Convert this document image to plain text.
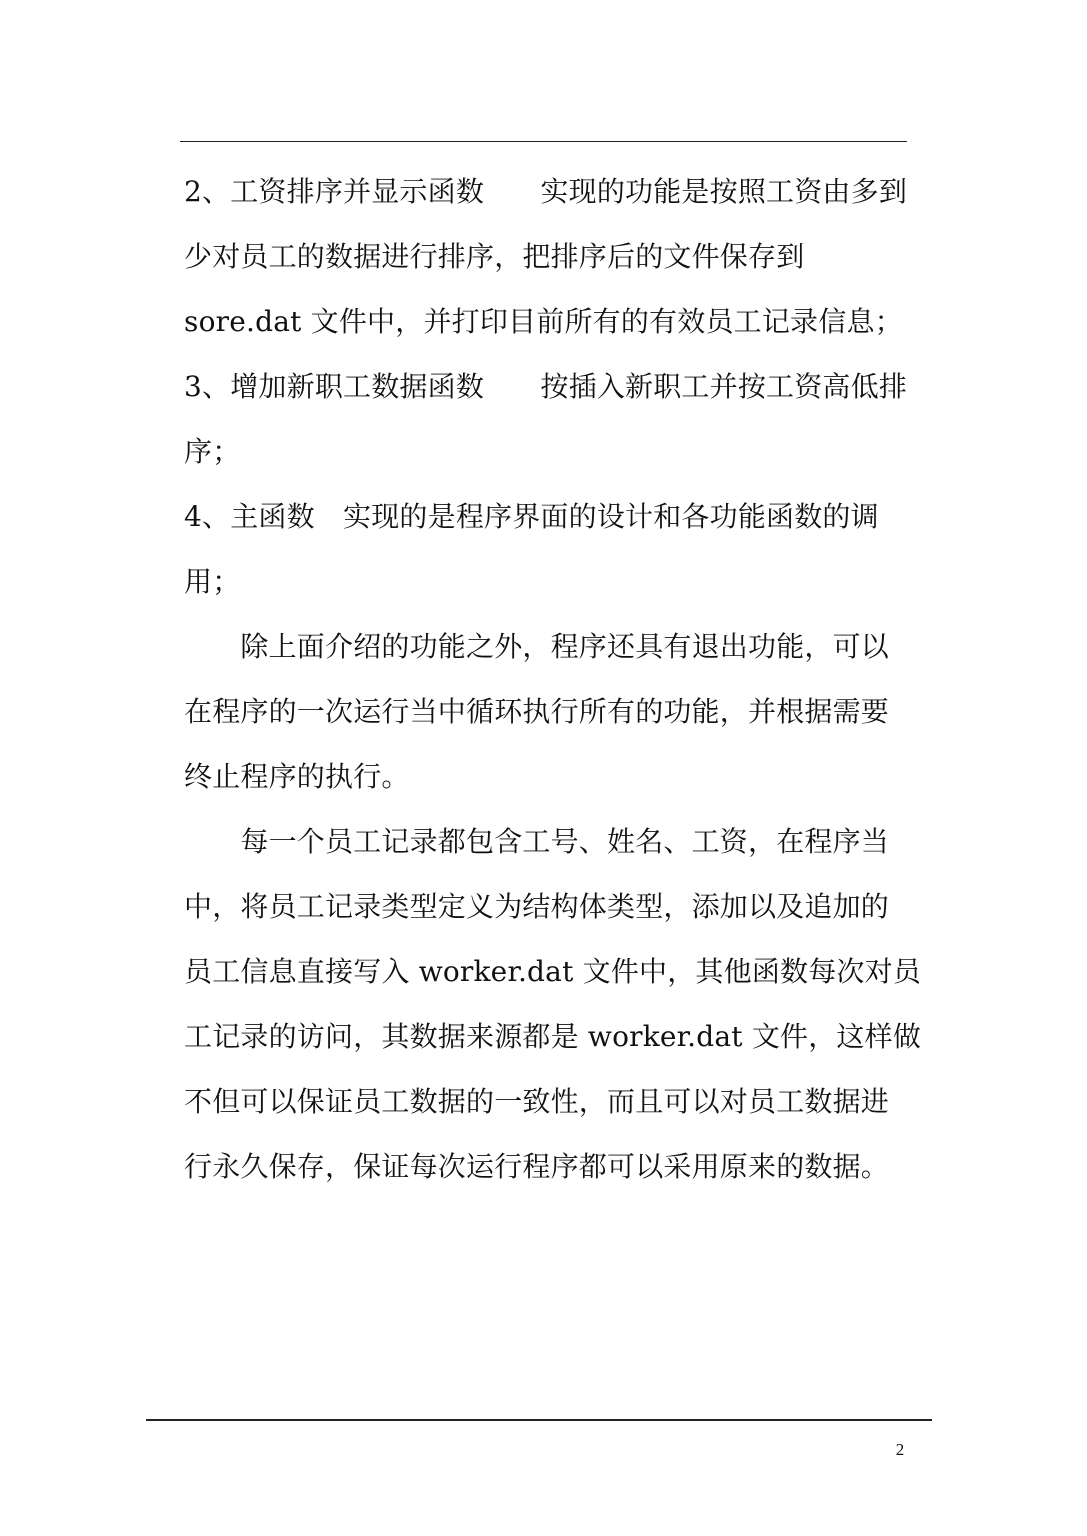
2、工资排序并显示函数　　实现的功能是按照工资由多到
少对员工的数据进行排序，把排序后的文件保存到
sore.dat 文件中，并打印目前所有的有效员工记录信息；
3、增加新职工数据函数　　按插入新职工并按工资高低排
序；
4、主函数　实现的是程序界面的设计和各功能函数的调
用；
　　除上面介绍的功能之外，程序还具有退出功能，可以
在程序的一次运行当中循环执行所有的功能，并根据需要
终止程序的执行。
　　每一个员工记录都包含工号、姓名、工资，在程序当
中，将员工记录类型定义为结构体类型，添加以及追加的
员工信息直接写入 worker.dat 文件中，其他函数每次对员
工记录的访问，其数据来源都是 worker.dat 文件，这样做
不但可以保证员工数据的一致性，而且可以对员工数据进
行永久保存，保证每次运行程序都可以采用原来的数据。
2
